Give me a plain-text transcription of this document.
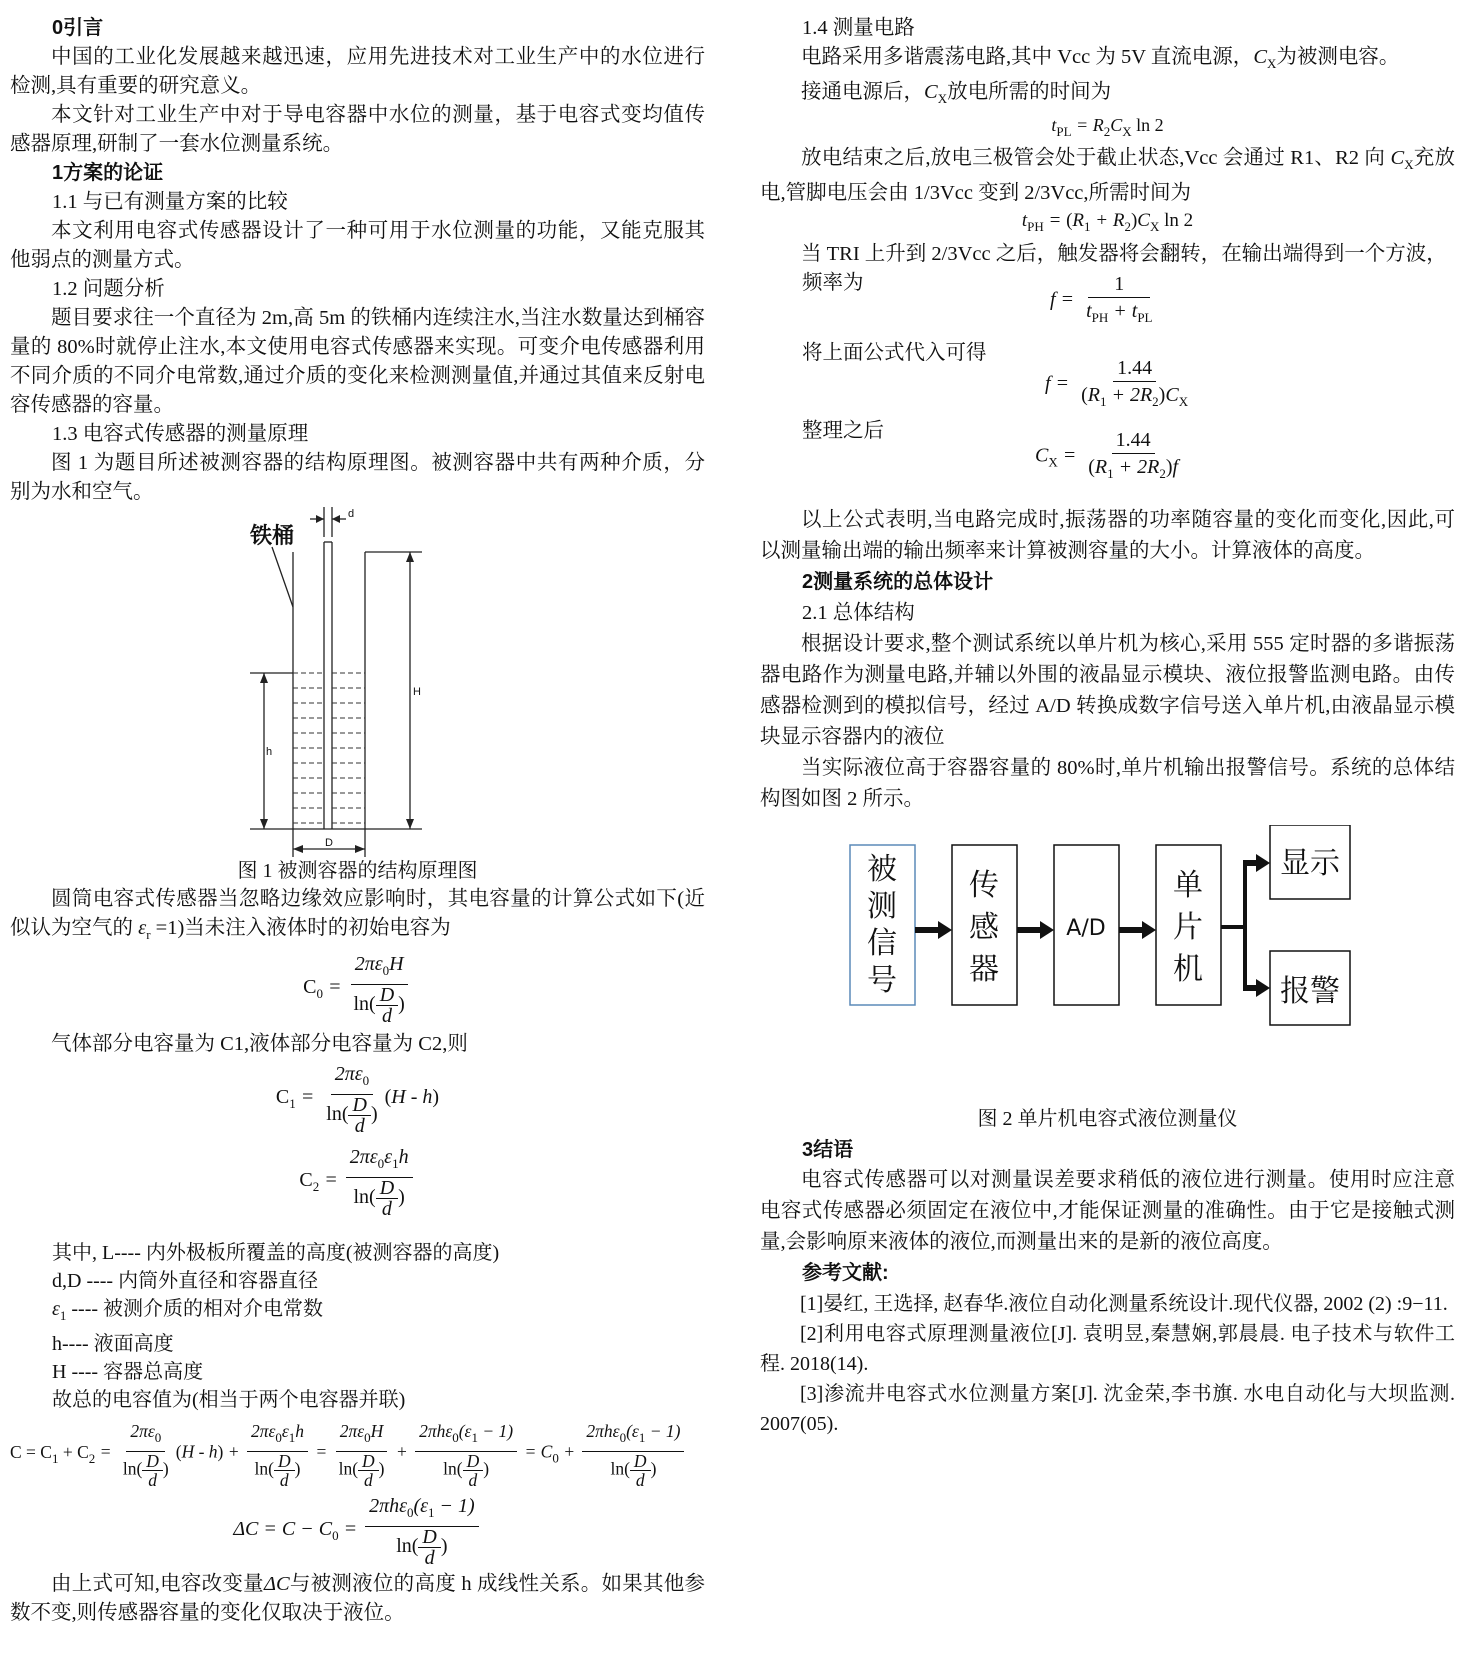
0引言

中国的工业化发展越来越迅速，应用先进技术对工业生产中的水位进行检测,具有重要的研究意义。

本文针对工业生产中对于导电容器中水位的测量，基于电容式变均值传感器原理,研制了一套水位测量系统。

1方案的论证

1.1 与已有测量方案的比较

本文利用电容式传感器设计了一种可用于水位测量的功能，又能克服其他弱点的测量方式。

1.2 问题分析

题目要求往一个直径为 2m,高 5m 的铁桶内连续注水,当注水数量达到桶容量的 80%时就停止注水,本文使用电容式传感器来实现。可变介电传感器利用不同介质的不同介电常数,通过介质的变化来检测测量值,并通过其值来反射电容传感器的容量。

1.3 电容式传感器的测量原理

图 1 为题目所述被测容器的结构原理图。被测容器中共有两种介质，分别为水和空气。

铁桶
d
H
h
D

图 1 被测容器的结构原理图

圆筒电容式传感器当忽略边缘效应影响时，其电容量的计算公式如下(近似认为空气的 $\varepsilon_r =1$)当未注入液体时的初始电容为

$C_0 = \frac{2\pi\varepsilon_0H}{\ln( \frac{D}{d} )}$

气体部分电容量为 C1,液体部分电容量为 C2,则

$C_1 = \frac{2\pi\varepsilon_0}{\ln( \frac{D}{d} )} (H - h)$

$C_2 = \frac{2\pi\varepsilon_0\varepsilon_1h}{\ln( \frac{D}{d} )}$

其中, L---- 内外极板所覆盖的高度(被测容器的高度)

d,D ---- 内筒外直径和容器直径

$\varepsilon_1$ ---- 被测介质的相对介电常数

h---- 液面高度

H ---- 容器总高度

故总的电容值为(相当于两个电容器并联)

$C = C_1 + C_2 = \frac{2\pi\varepsilon_0}{\ln( \frac{D}{d} )} (H - h) + \frac{2\pi\varepsilon_0\varepsilon_1h}{\ln( \frac{D}{d} )} = \frac{2\pi\varepsilon_0H}{\ln( \frac{D}{d} )} + \frac{2\pi h\varepsilon_0(\varepsilon_1 - 1)}{\ln( \frac{D}{d} )} = C_0 + \frac{2\pi h\varepsilon_0(\varepsilon_1 - 1)}{\ln( \frac{D}{d} )}$

$\Delta C = C - C_0 = \frac{2\pi h\varepsilon_0(\varepsilon_1 - 1)}{\ln( \frac{D}{d} )}$

由上式可知,电容改变量ΔC与被测液位的高度 h 成线性关系。如果其他参数不变,则传感器容量的变化仅取决于液位。

1.4 测量电路

电路采用多谐震荡电路,其中 Vcc 为 5V 直流电源，$C_X$为被测电容。

接通电源后，$C_X$放电所需的时间为

$t_{PL} = R_2C_X$ ln 2

放电结束之后,放电三极管会处于截止状态,Vcc 会通过 R1、R2 向 $C_X$充放电,管脚电压会由 1/3Vcc 变到 2/3Vcc,所需时间为

$t_{PH} = (R_1 + R_2)C_X$ ln 2

当 TRI 上升到 2/3Vcc 之后，触发器将会翻转，在输出端得到一个方波，

频率为
$f = \frac{1}{t_{PH} + t_{PL}}$
将上面公式代入可得
$f = \frac{1.44}{(R_1 + 2R_2)C_X}$
整理之后
$C_X = \frac{1.44}{(R_1 + 2R_2)f}$

以上公式表明,当电路完成时,振荡器的功率随容量的变化而变化,因此,可以测量输出端的输出频率来计算被测容量的大小。计算液体的高度。

2测量系统的总体设计

2.1 总体结构

根据设计要求,整个测试系统以单片机为核心,采用 555 定时器的多谐振荡器电路作为测量电路,并辅以外围的液晶显示模块、液位报警监测电路。由传感器检测到的模拟信号，经过 A/D 转换成数字信号送入单片机,由液晶显示模块显示容器内的液位

当实际液位高于容器容量的 80%时,单片机输出报警信号。系统的总体结构图如图 2 所示。

被
测
信
号
传
感
器
A/D
单
片
机
显示
报警

图 2 单片机电容式液位测量仪

3结语

电容式传感器可以对测量误差要求稍低的液位进行测量。使用时应注意电容式传感器必须固定在液位中,才能保证测量的准确性。由于它是接触式测量,会影响原来液体的液位,而测量出来的是新的液位高度。

参考文献:

[1]晏红, 王选择, 赵春华.液位自动化测量系统设计.现代仪器, 2002 (2) :9−11.

[2]利用电容式原理测量液位[J]. 袁明昱,秦慧娴,郭晨晨. 电子技术与软件工程. 2018(14).

[3]渗流井电容式水位测量方案[J]. 沈金荣,李书旗. 水电自动化与大坝监测. 2007(05).
